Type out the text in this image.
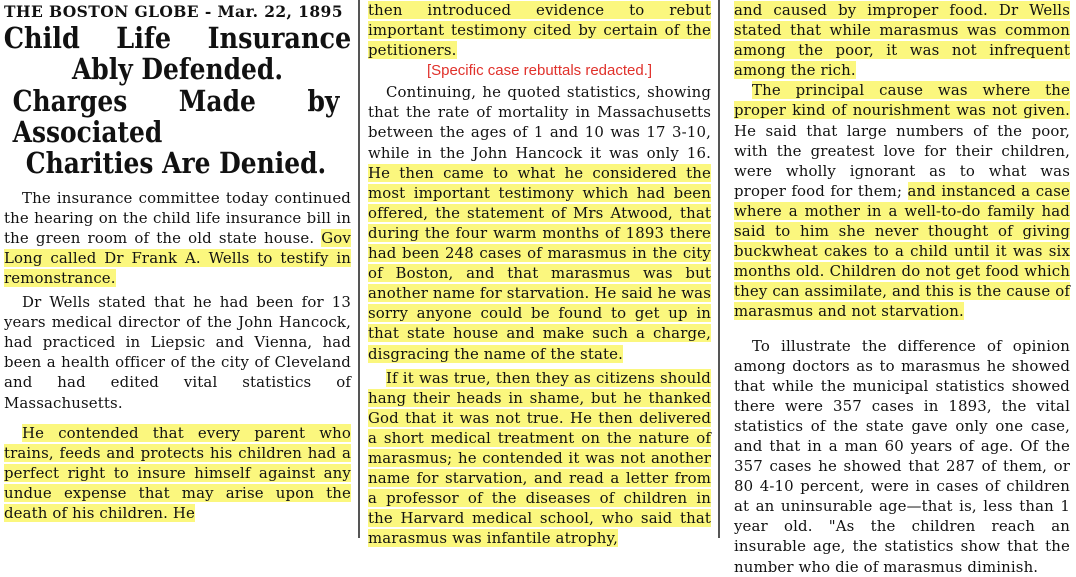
THE BOSTON GLOBE - Mar. 22, 1895
Child Life Insurance
Ably Defended.
Charges Made by Associated
Charities Are Denied.

The insurance committee today continued the hearing on the child life insurance bill in the green room of the old state house. Gov Long called Dr Frank A. Wells to testify in remonstrance.

Dr Wells stated that he had been for 13 years medical director of the John Hancock, had practiced in Liepsic and Vienna, had been a health officer of the city of Cleveland and had edited vital statistics of Massachusetts.

He contended that every parent who trains, feeds and protects his children had a perfect right to insure himself against any undue expense that may arise upon the death of his children. He

then introduced evidence to rebut important testimony cited by certain of the petitioners.

[Specific case rebuttals redacted.]

Continuing, he quoted statistics, showing that the rate of mortality in Massachusetts between the ages of 1 and 10 was 17 3-10, while in the John Hancock it was only 16. He then came to what he considered the most important testimony which had been offered, the statement of Mrs Atwood, that during the four warm months of 1893 there had been 248 cases of marasmus in the city of Boston, and that marasmus was but another name for starvation. He said he was sorry anyone could be found to get up in that state house and make such a charge, disgracing the name of the state.

If it was true, then they as citizens should hang their heads in shame, but he thanked God that it was not true. He then delivered a short medical treatment on the nature of marasmus; he contended it was not another name for starvation, and read a letter from a professor of the diseases of children in the Harvard medical school, who said that marasmus was infantile atrophy,

and caused by improper food. Dr Wells stated that while marasmus was common among the poor, it was not infrequent among the rich.

The principal cause was where the proper kind of nourishment was not given. He said that large numbers of the poor, with the greatest love for their children, were wholly ignorant as to what was proper food for them; and instanced a case where a mother in a well-to-do family had said to him she never thought of giving buckwheat cakes to a child until it was six months old. Children do not get food which they can assimilate, and this is the cause of marasmus and not starvation.

To illustrate the difference of opinion among doctors as to marasmus he showed that while the municipal statistics showed there were 357 cases in 1893, the vital statistics of the state gave only one case, and that in a man 60 years of age. Of the 357 cases he showed that 287 of them, or 80 4-10 percent, were in cases of children at an uninsurable age—that is, less than 1 year old. "As the children reach an insurable age, the statistics show that the number who die of marasmus diminish.
